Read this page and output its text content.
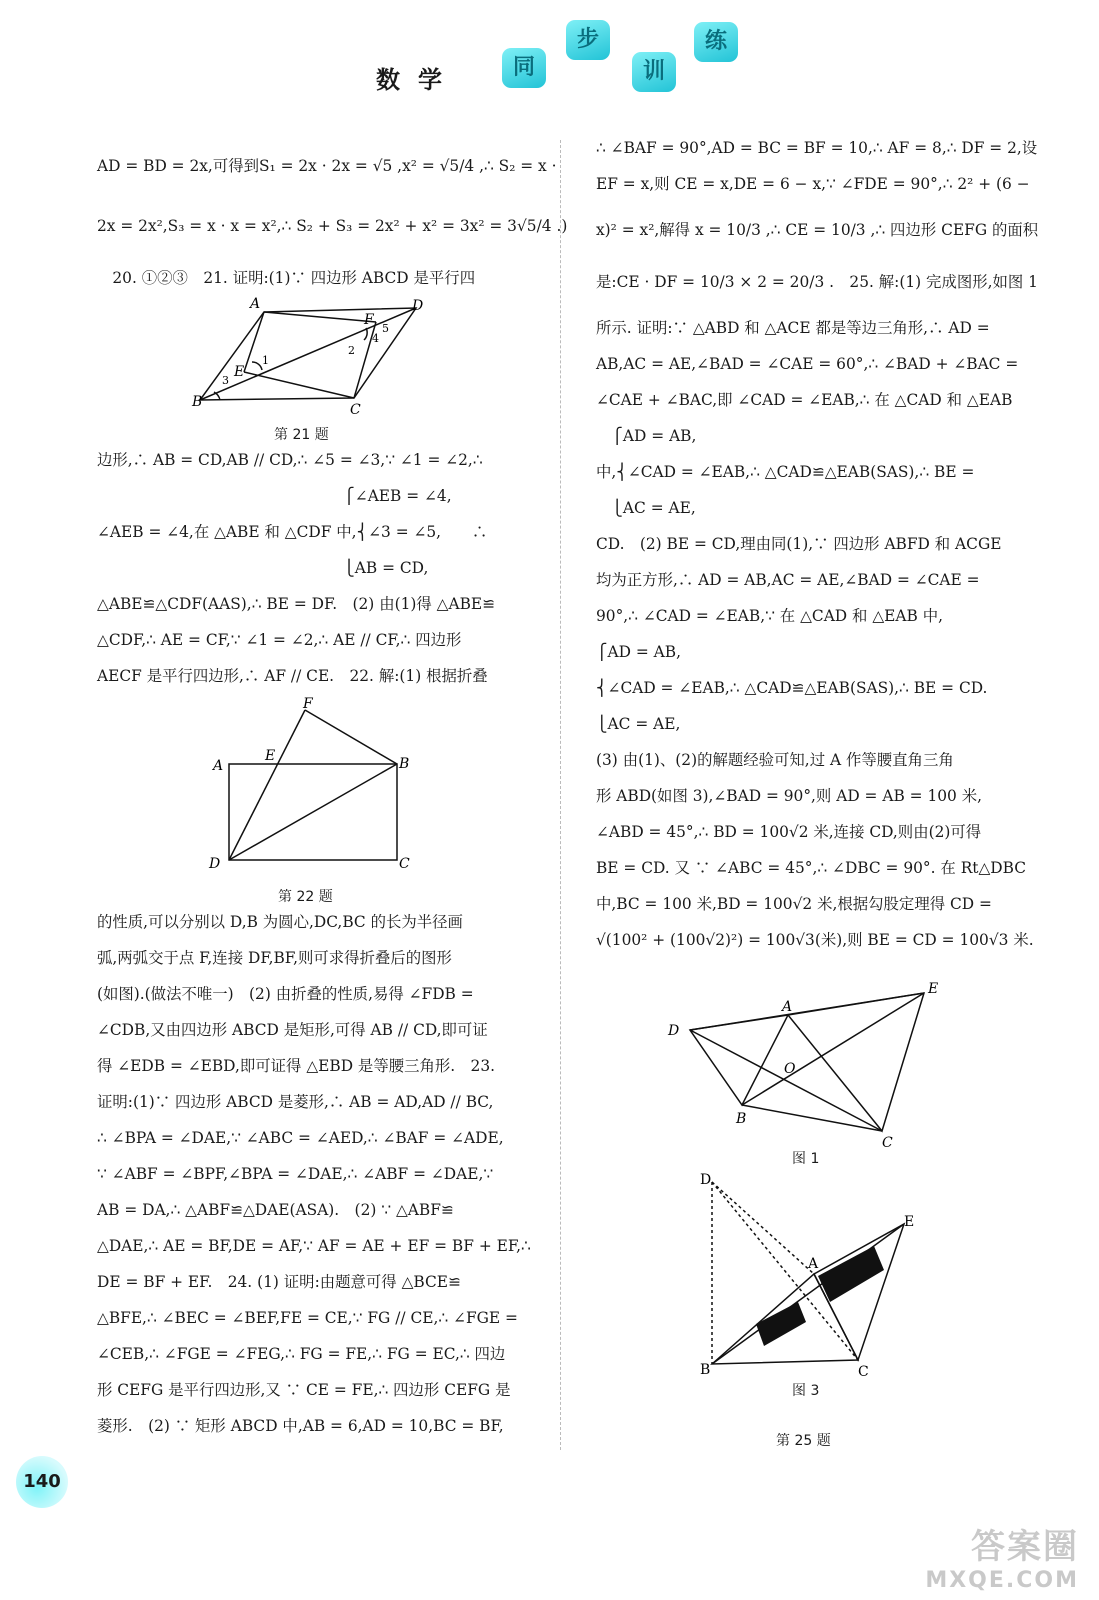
数学	同
步
训
练
AD = BD = 2x,可得到S₁ = 2x · 2x = √5 ,x² = √5/4 ,∴ S₂ = x ·
2x = 2x²,S₃ = x · x = x²,∴ S₂ + S₃ = 2x² + x² = 3x² = 3√5/4 .)
　20. ①②③　21. 证明:(1)∵ 四边形 ABCD 是平行四
A	D
B	C
E
F
1
2
3
4
5
第 21 题
边形,∴ AB = CD,AB // CD,∴ ∠5 = ∠3,∵ ∠1 = ∠2,∴
　　　　　　　　　　　　　　　　⎧∠AEB = ∠4,
∠AEB = ∠4,在 △ABE 和 △CDF 中,⎨∠3 = ∠5,　　∴
　　　　　　　　　　　　　　　　⎩AB = CD,
△ABE≌△CDF(AAS),∴ BE = DF.　(2) 由(1)得 △ABE≌
△CDF,∴ AE = CF,∵ ∠1 = ∠2,∴ AE // CF,∴ 四边形
AECF 是平行四边形,∴ AF // CE.　22. 解:(1) 根据折叠
A	B
C
D
E
F
第 22 题
的性质,可以分别以 D,B 为圆心,DC,BC 的长为半径画
弧,两弧交于点 F,连接 DF,BF,则可求得折叠后的图形
(如图).(做法不唯一)　(2) 由折叠的性质,易得 ∠FDB =
∠CDB,又由四边形 ABCD 是矩形,可得 AB // CD,即可证
得 ∠EDB = ∠EBD,即可证得 △EBD 是等腰三角形.　23.
证明:(1)∵ 四边形 ABCD 是菱形,∴ AB = AD,AD // BC,
∴ ∠BPA = ∠DAE,∵ ∠ABC = ∠AED,∴ ∠BAF = ∠ADE,
∵ ∠ABF = ∠BPF,∠BPA = ∠DAE,∴ ∠ABF = ∠DAE,∵
AB = DA,∴ △ABF≌△DAE(ASA).　(2) ∵ △ABF≌
△DAE,∴ AE = BF,DE = AF,∵ AF = AE + EF = BF + EF,∴
DE = BF + EF.　24. (1) 证明:由题意可得 △BCE≌
△BFE,∴ ∠BEC = ∠BEF,FE = CE,∵ FG // CE,∴ ∠FGE =
∠CEB,∴ ∠FGE = ∠FEG,∴ FG = FE,∴ FG = EC,∴ 四边
形 CEFG 是平行四边形,又 ∵ CE = FE,∴ 四边形 CEFG 是
菱形.　(2) ∵ 矩形 ABCD 中,AB = 6,AD = 10,BC = BF,
∴ ∠BAF = 90°,AD = BC = BF = 10,∴ AF = 8,∴ DF = 2,设
EF = x,则 CE = x,DE = 6 − x,∵ ∠FDE = 90°,∴ 2² + (6 −
x)² = x²,解得 x = 10/3 ,∴ CE = 10/3 ,∴ 四边形 CEFG 的面积
是:CE · DF = 10/3 × 2 = 20/3 .　25. 解:(1) 完成图形,如图 1
所示. 证明:∵ △ABD 和 △ACE 都是等边三角形,∴ AD =
AB,AC = AE,∠BAD = ∠CAE = 60°,∴ ∠BAD + ∠BAC =
∠CAE + ∠BAC,即 ∠CAD = ∠EAB,∴ 在 △CAD 和 △EAB
　⎧AD = AB,
中,⎨∠CAD = ∠EAB,∴ △CAD≌△EAB(SAS),∴ BE =
　⎩AC = AE,
CD.　(2) BE = CD,理由同(1),∵ 四边形 ABFD 和 ACGE
均为正方形,∴ AD = AB,AC = AE,∠BAD = ∠CAE =
90°,∴ ∠CAD = ∠EAB,∵ 在 △CAD 和 △EAB 中,
⎧AD = AB,
⎨∠CAD = ∠EAB,∴ △CAD≌△EAB(SAS),∴ BE = CD.
⎩AC = AE,
(3) 由(1)、(2)的解题经验可知,过 A 作等腰直角三角
形 ABD(如图 3),∠BAD = 90°,则 AD = AB = 100 米,
∠ABD = 45°,∴ BD = 100√2 米,连接 CD,则由(2)可得
BE = CD. 又 ∵ ∠ABC = 45°,∴ ∠DBC = 90°. 在 Rt△DBC
中,BC = 100 米,BD = 100√2 米,根据勾股定理得 CD =
√(100² + (100√2)²) = 100√3(米),则 BE = CD = 100√3 米.
D
A
E
B
C
O
图 1
D
A
E
B	C
图 3
第 25 题
140
答案圈
MXQE.COM
